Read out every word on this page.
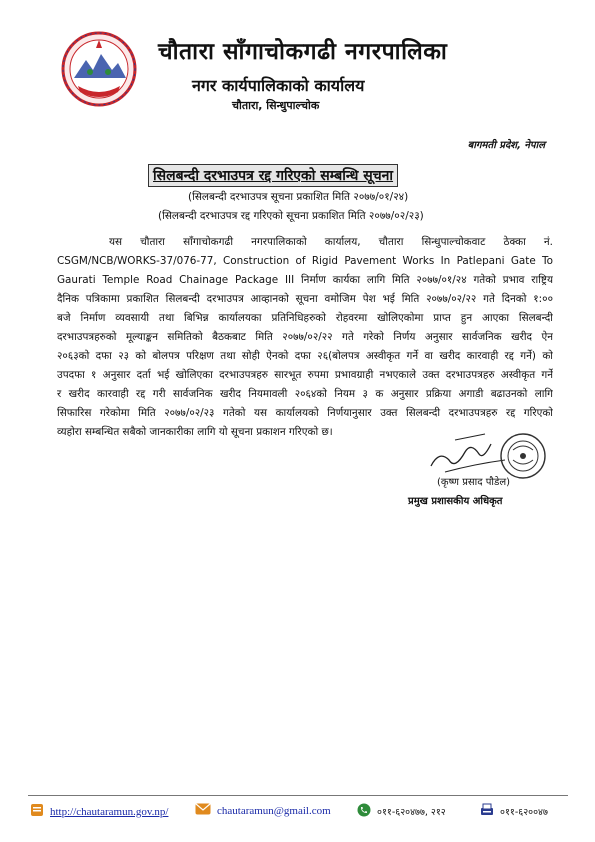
चौतारा साँगाचोकगढी नगरपालिका
नगर कार्यपालिकाको कार्यालय
चौतारा, सिन्धुपाल्चोक
बागमती प्रदेश, नेपाल
सिलबन्दी दरभाउपत्र रद्द गरिएको सम्बन्धि सूचना
(सिलबन्दी दरभाउपत्र सूचना प्रकाशित मिति २०७७/०१/२४)
(सिलबन्दी दरभाउपत्र रद्द गरिएको सूचना प्रकाशित मिति २०७७/०२/२३)
यस चौतारा साँगाचोकगढी नगरपालिकाको कार्यालय, चौतारा सिन्धुपाल्चोकवाट ठेक्का नं.
CSGM/NCB/WORKS-37/076-77, Construction of Rigid Pavement Works In Patlepani Gate To
Gaurati Temple Road Chainage Package III निर्माण कार्यका लागि मिति २०७७/०१/२४ गतेको प्रभाव राष्ट्रिय
दैनिक पत्रिकामा प्रकाशित सिलबन्दी दरभाउपत्र आव्हानको सूचना वमोजिम पेश भई मिति २०७७/०२/२२ गते दिनको १:००
बजे निर्माण व्यवसायी तथा बिभिन्न कार्यालयका प्रतिनिधिहरुको रोहवरमा खोलिएकोमा प्राप्त हुन आएका सिलबन्दी
दरभाउपत्रहरुको मूल्याङ्कन समितिको बैठकबाट मिति २०७७/०२/२२ गते गरेको निर्णय अनुसार सार्वजनिक खरीद ऐन
२०६३को दफा २३ को बोलपत्र परिक्षण तथा सोही ऐनको दफा २६(बोलपत्र अस्वीकृत गर्ने वा खरीद कारवाही रद्द गर्ने) को
उपदफा १ अनुसार दर्ता भई खोलिएका दरभाउपत्रहरु सारभूत रुपमा प्रभावग्राही नभएकाले उक्त दरभाउपत्रहरु अस्वीकृत गर्ने
र खरीद कारवाही रद्द गरी सार्वजनिक खरीद नियमावली २०६४को नियम ३ क अनुसार प्रक्रिया अगाडी बढाउनको लागि
सिफारिस गरेकोमा मिति २०७७/०२/२३ गतेको यस कार्यालयको निर्णयानुसार उक्त सिलबन्दी दरभाउपत्रहरु रद्द गरिएको
व्यहोरा सम्बन्धित सबैको जानकारीका लागि यो सूचना प्रकाशन गरिएको छ।
(कृष्ण प्रसाद पौडेल)
प्रमुख प्रशासकीय अधिकृत
http://chautaramun.gov.np/	chautaramun@gmail.com	०११-६२०४७७, २१२	०११-६२००४७
